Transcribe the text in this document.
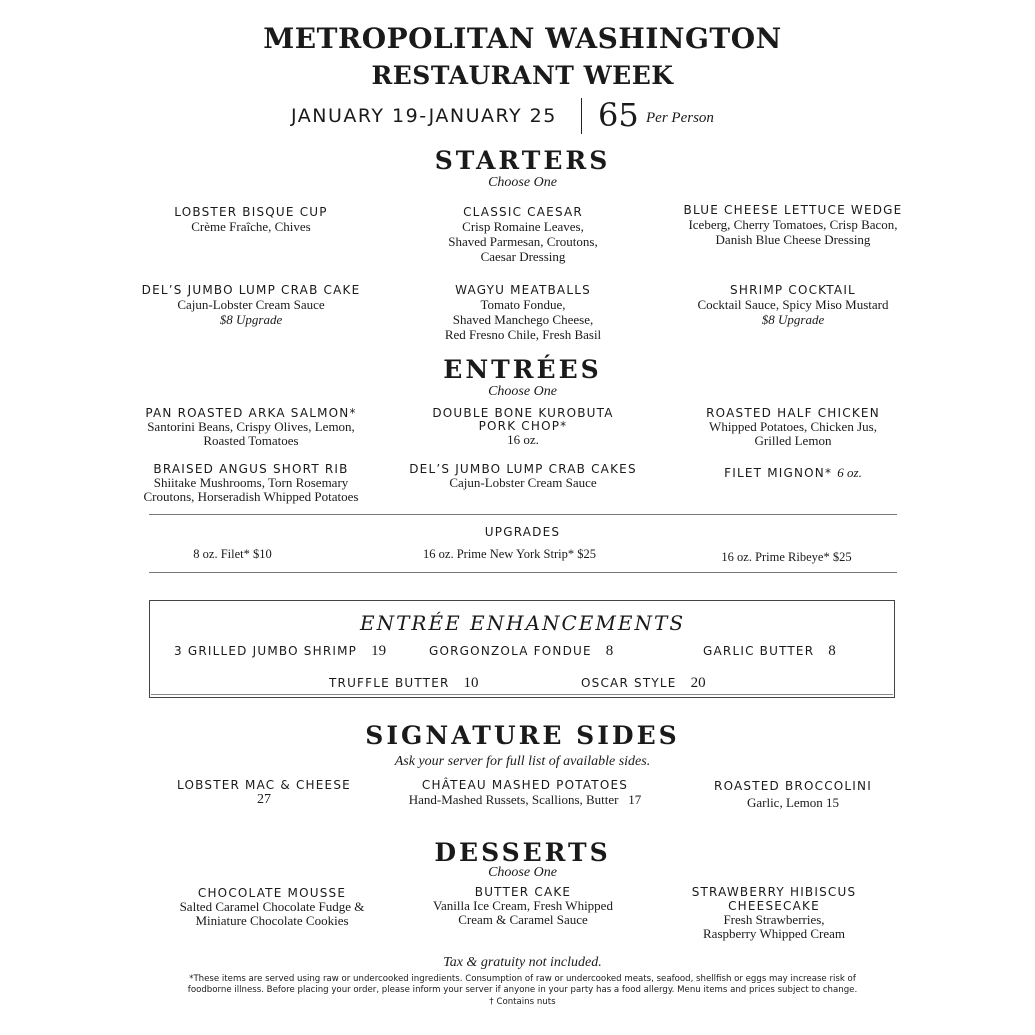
METROPOLITAN WASHINGTON
RESTAURANT WEEK
JANUARY 19-JANUARY 25 65 Per Person
STARTERS
Choose One
LOBSTER BISQUE CUP
Crème Fraîche, Chives
CLASSIC CAESAR
Crisp Romaine Leaves,
Shaved Parmesan, Croutons,
Caesar Dressing
BLUE CHEESE LETTUCE WEDGE
Iceberg, Cherry Tomatoes, Crisp Bacon,
Danish Blue Cheese Dressing
DEL’S JUMBO LUMP CRAB CAKE
Cajun-Lobster Cream Sauce
$8 Upgrade
WAGYU MEATBALLS
Tomato Fondue,
Shaved Manchego Cheese,
Red Fresno Chile, Fresh Basil
SHRIMP COCKTAIL
Cocktail Sauce, Spicy Miso Mustard
$8 Upgrade
ENTRÉES
Choose One
PAN ROASTED ARKA SALMON*
Santorini Beans, Crispy Olives, Lemon,
Roasted Tomatoes
DOUBLE BONE KUROBUTA
PORK CHOP*
16 oz.
ROASTED HALF CHICKEN
Whipped Potatoes, Chicken Jus,
Grilled Lemon
BRAISED ANGUS SHORT RIB
Shiitake Mushrooms, Torn Rosemary
Croutons, Horseradish Whipped Potatoes
DEL’S JUMBO LUMP CRAB CAKES
Cajun-Lobster Cream Sauce
FILET MIGNON* 6 oz.
UPGRADES
8 oz. Filet* $10	16 oz. Prime New York Strip* $25	16 oz. Prime Ribeye* $25
ENTRÉE ENHANCEMENTS
3 GRILLED JUMBO SHRIMP 19	GORGONZOLA FONDUE 8	GARLIC BUTTER 8
TRUFFLE BUTTER 10	OSCAR STYLE 20
SIGNATURE SIDES
Ask your server for full list of available sides.
LOBSTER MAC & CHEESE
27
CHÂTEAU MASHED POTATOES
Hand-Mashed Russets, Scallions, Butter   17
ROASTED BROCCOLINI
Garlic, Lemon 15
DESSERTS
Choose One
CHOCOLATE MOUSSE
Salted Caramel Chocolate Fudge &
Miniature Chocolate Cookies
BUTTER CAKE
Vanilla Ice Cream, Fresh Whipped
Cream & Caramel Sauce
STRAWBERRY HIBISCUS CHEESECAKE
Fresh Strawberries,
Raspberry Whipped Cream
Tax & gratuity not included.
*These items are served using raw or undercooked ingredients. Consumption of raw or undercooked meats, seafood, shellfish or eggs may increase risk of
foodborne illness. Before placing your order, please inform your server if anyone in your party has a food allergy. Menu items and prices subject to change.
† Contains nuts
